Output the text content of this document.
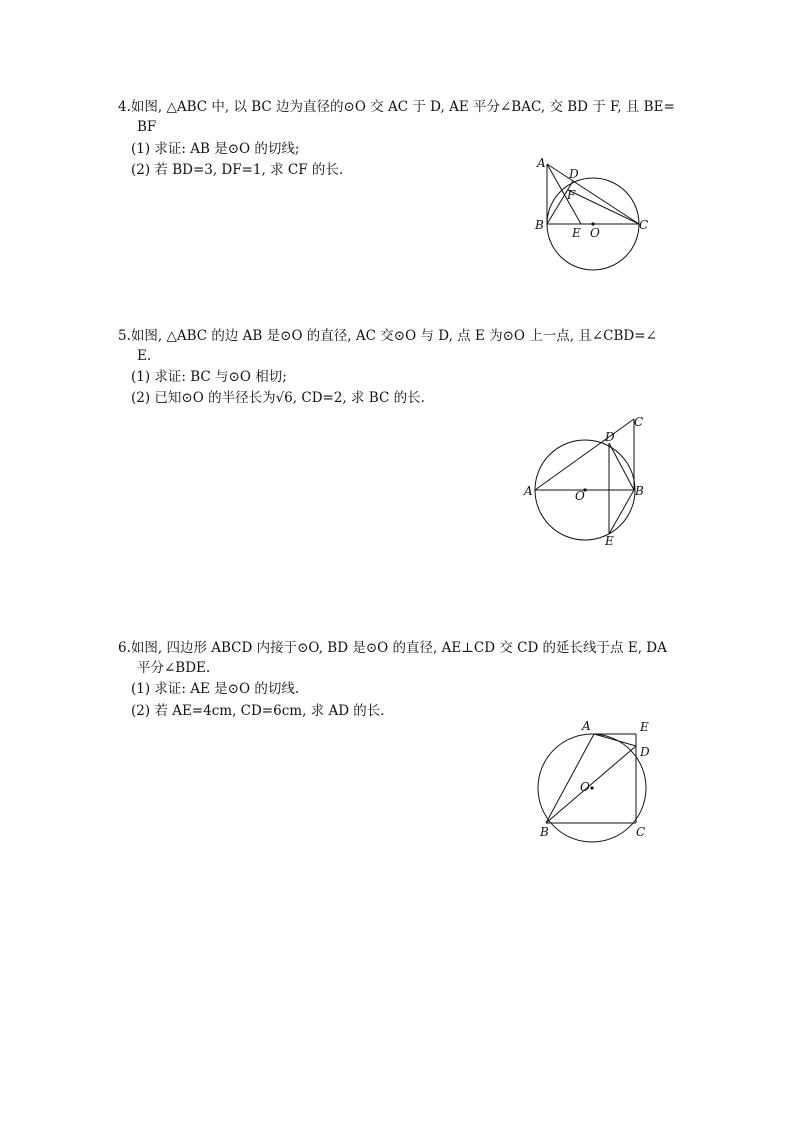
4.如图, △ABC 中, 以 BC 边为直径的⊙O 交 AC 于 D, AE 平分∠BAC, 交 BD 于 F, 且 BE=
BF
(1) 求证: AB 是⊙O 的切线;
(2) 若 BD=3, DF=1, 求 CF 的长.	A
D
F
B
E O
C
5.如图, △ABC 的边 AB 是⊙O 的直径, AC 交⊙O 与 D, 点 E 为⊙O 上一点, 且∠CBD=∠
E.
(1) 求证: BC 与⊙O 相切;
(2) 已知⊙O 的半径长为√6, CD=2, 求 BC 的长.
C
D
A	O	B
E
6.如图, 四边形 ABCD 内接于⊙O, BD 是⊙O 的直径, AE⊥CD 交 CD 的延长线于点 E, DA
平分∠BDE.
(1) 求证: AE 是⊙O 的切线.
(2) 若 AE=4cm, CD=6cm, 求 AD 的长.
A	E
D
O
B	C
